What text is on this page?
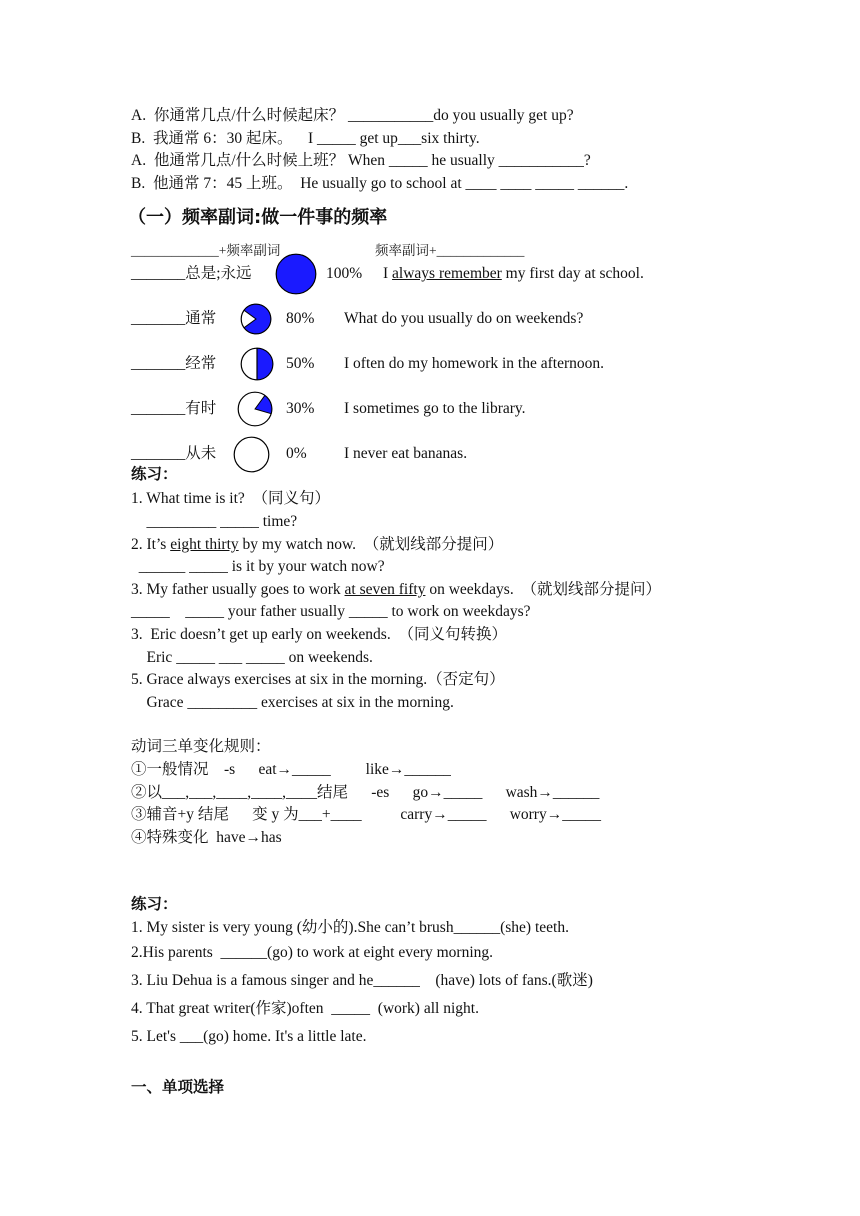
A.  你通常几点/什么时候起床？ ___________do you usually get up?
B.  我通常 6：30 起床。    I _____ get up___six thirty.
A.  他通常几点/什么时候上班？ When _____ he usually ___________?
B.  他通常 7：45 上班。  He usually go to school at ____ ____ _____ ______.
（一）频率副词:做一件事的频率
_____________+频率副词	频率副词+_____________
_______总是;永远	100% I always remember my first day at school.
_______通常	80% What do you usually do on weekends?
_______经常	50% I often do my homework in the afternoon.
_______有时	30% I sometimes go to the library.
_______从未	0% I never eat bananas.
练习：
1. What time is it?  （同义句）
_________ _____ time?
2. It’s eight thirty by my watch now.  （就划线部分提问）
______ _____ is it by your watch now?
3. My father usually goes to work at seven fifty on weekdays.  （就划线部分提问）
_____    _____ your father usually _____ to work on weekdays?
3.  Eric doesn’t get up early on weekends.  （同义句转换）
Eric _____ ___ _____ on weekends.
5. Grace always exercises at six in the morning.（否定句）
Grace _________ exercises at six in the morning.
动词三单变化规则：
①一般情况    -s      eat→_____         like→______
②以___,___,____,____,____结尾      -es      go→_____      wash→______
③辅音+y 结尾      变 y 为___+____          carry→_____      worry→_____
④特殊变化  have→has
练习：
1. My sister is very young (幼小的).She can’t brush______(she) teeth.
2.His parents  ______(go) to work at eight every morning.
3. Liu Dehua is a famous singer and he______    (have) lots of fans.(歌迷)
4. That great writer(作家)often  _____  (work) all night.
5. Let's ___(go) home. It's a little late.
一、单项选择
